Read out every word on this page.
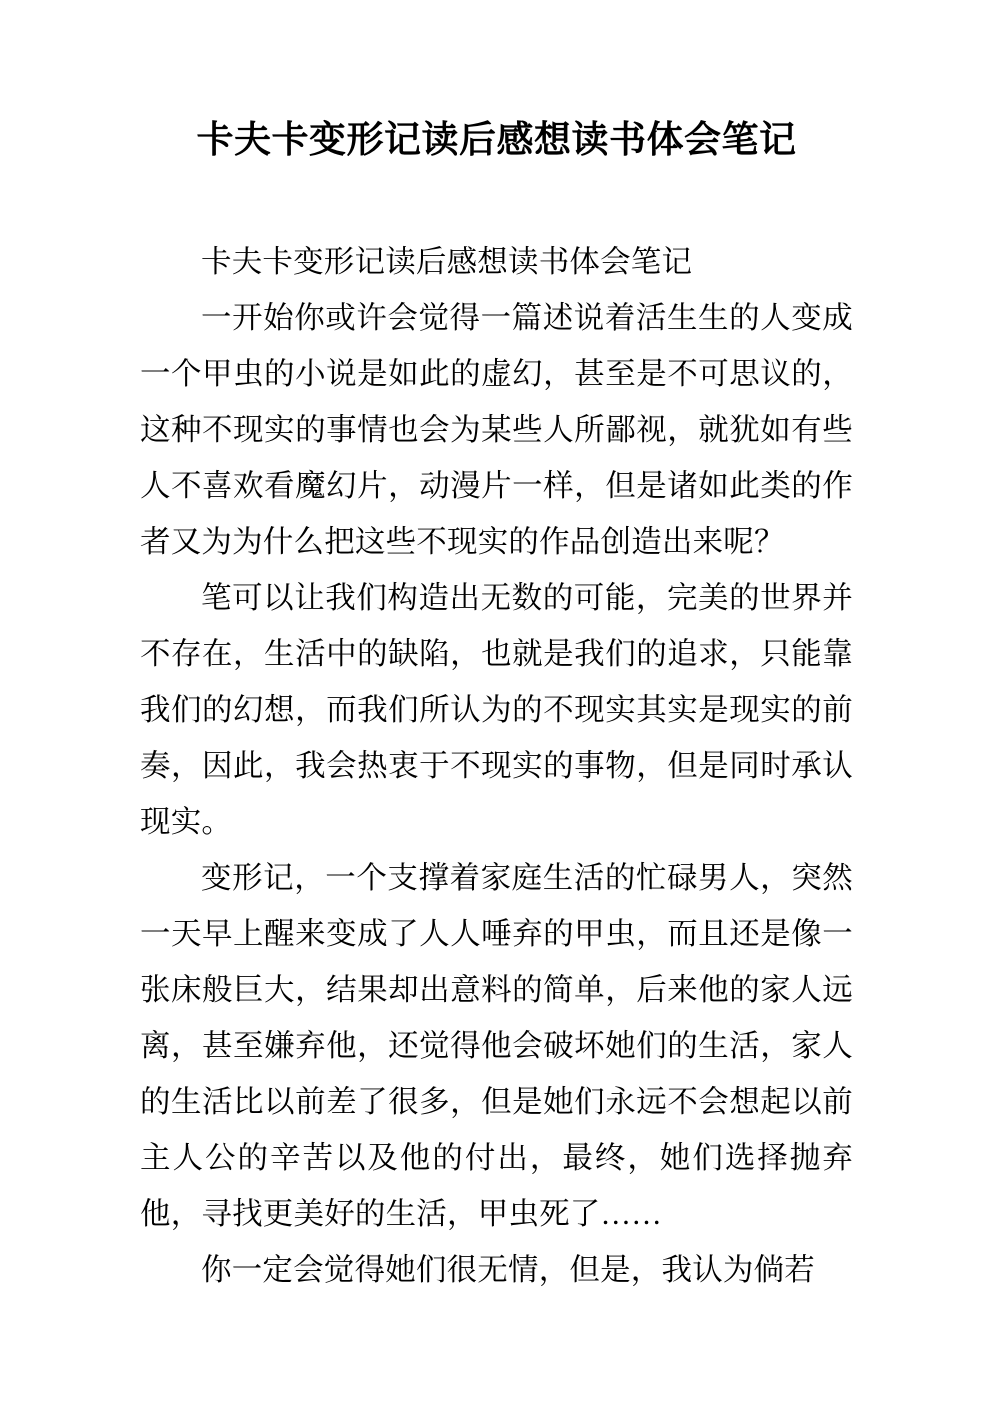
卡夫卡变形记读后感想读书体会笔记

卡夫卡变形记读后感想读书体会笔记

一开始你或许会觉得一篇述说着活生生的人变成一个甲虫的小说是如此的虚幻，甚至是不可思议的，这种不现实的事情也会为某些人所鄙视，就犹如有些人不喜欢看魔幻片，动漫片一样，但是诸如此类的作者又为为什么把这些不现实的作品创造出来呢？

笔可以让我们构造出无数的可能，完美的世界并不存在，生活中的缺陷，也就是我们的追求，只能靠我们的幻想，而我们所认为的不现实其实是现实的前奏，因此，我会热衷于不现实的事物，但是同时承认现实。

变形记，一个支撑着家庭生活的忙碌男人，突然一天早上醒来变成了人人唾弃的甲虫，而且还是像一张床般巨大，结果却出意料的简单，后来他的家人远离，甚至嫌弃他，还觉得他会破坏她们的生活，家人的生活比以前差了很多，但是她们永远不会想起以前主人公的辛苦以及他的付出，最终，她们选择抛弃他，寻找更美好的生活，甲虫死了……

你一定会觉得她们很无情，但是，我认为倘若
